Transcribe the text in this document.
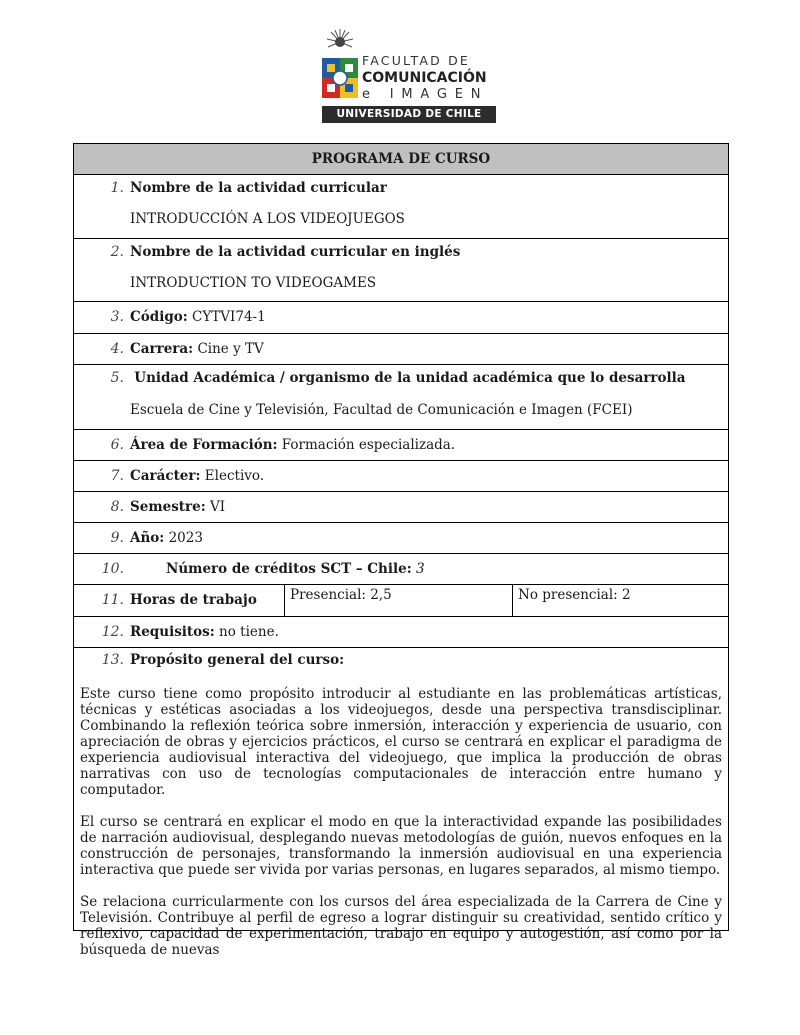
FACULTAD DE
COMUNICACIÓN
e IMAGEN
UNIVERSIDAD DE CHILE
PROGRAMA DE CURSO
1. Nombre de la actividad curricular
INTRODUCCIÓN A LOS VIDEOJUEGOS
2. Nombre de la actividad curricular en inglés
INTRODUCTION TO VIDEOGAMES
3. Código: CYTVI74-1
4. Carrera: Cine y TV
5. Unidad Académica / organismo de la unidad académica que lo desarrolla
Escuela de Cine y Televisión, Facultad de Comunicación e Imagen (FCEI)
6. Área de Formación: Formación especializada.
7. Carácter: Electivo.
8. Semestre: VI
9. Año: 2023
10.	Número de créditos SCT – Chile: 3
11. Horas de trabajo	Presencial: 2,5	No presencial: 2
12. Requisitos: no tiene.
13. Propósito general del curso:

Este curso tiene como propósito introducir al estudiante en las problemáticas artísticas, técnicas y estéticas asociadas a los videojuegos, desde una perspectiva transdisciplinar. Combinando la reflexión teórica sobre inmersión, interacción y experiencia de usuario, con apreciación de obras y ejercicios prácticos, el curso se centrará en explicar el paradigma de experiencia audiovisual interactiva del videojuego, que implica la producción de obras narrativas con uso de tecnologías computacionales de interacción entre humano y computador.

El curso se centrará en explicar el modo en que la interactividad expande las posibilidades de narración audiovisual, desplegando nuevas metodologías de guión, nuevos enfoques en la construcción de personajes, transformando la inmersión audiovisual en una experiencia interactiva que puede ser vivida por varias personas, en lugares separados, al mismo tiempo.

Se relaciona curricularmente con los cursos del área especializada de la Carrera de Cine y Televisión. Contribuye al perfil de egreso a lograr distinguir su creatividad, sentido crítico y reflexivo, capacidad de experimentación, trabajo en equipo y autogestión, así como por la búsqueda de nuevas
